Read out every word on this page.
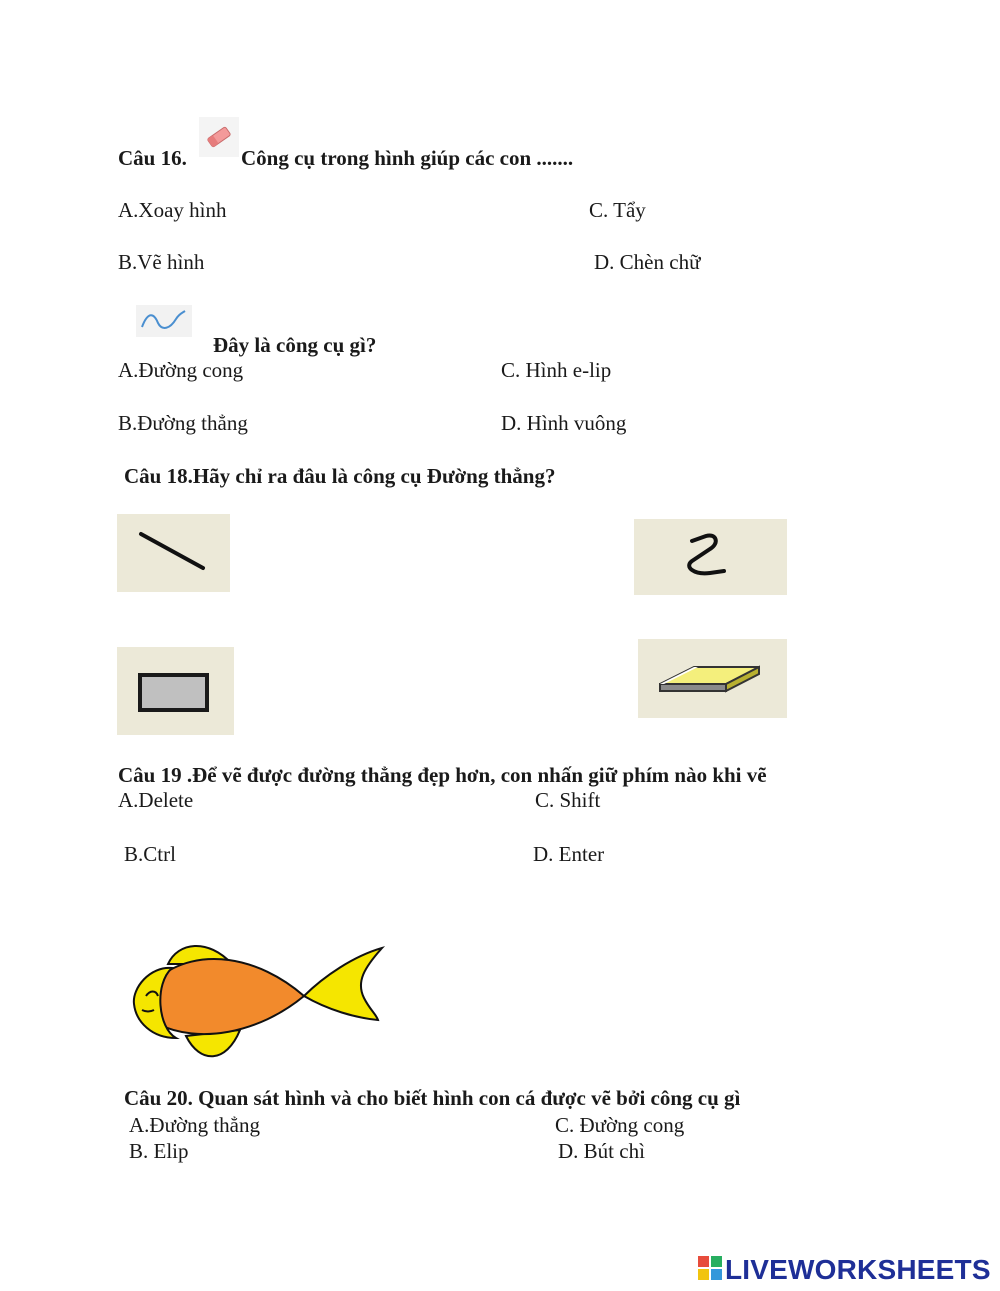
Câu 16.	Công cụ trong hình giúp các con .......
A.Xoay hình	C. Tẩy
B.Vẽ hình	D. Chèn chữ
Đây là công cụ gì?
A.Đường cong	C. Hình e-lip
B.Đường thẳng	D. Hình vuông
Câu 18.Hãy chỉ ra đâu là công cụ Đường thẳng?
Câu 19 .Để vẽ được đường thẳng đẹp hơn, con nhấn giữ phím nào khi vẽ
A.Delete	C. Shift
B.Ctrl	D. Enter
Câu 20. Quan sát hình và cho biết hình con cá được vẽ bởi công cụ gì
A.Đường thẳng	C. Đường cong
B. Elip	D. Bút chì
LIVEWORKSHEETS
